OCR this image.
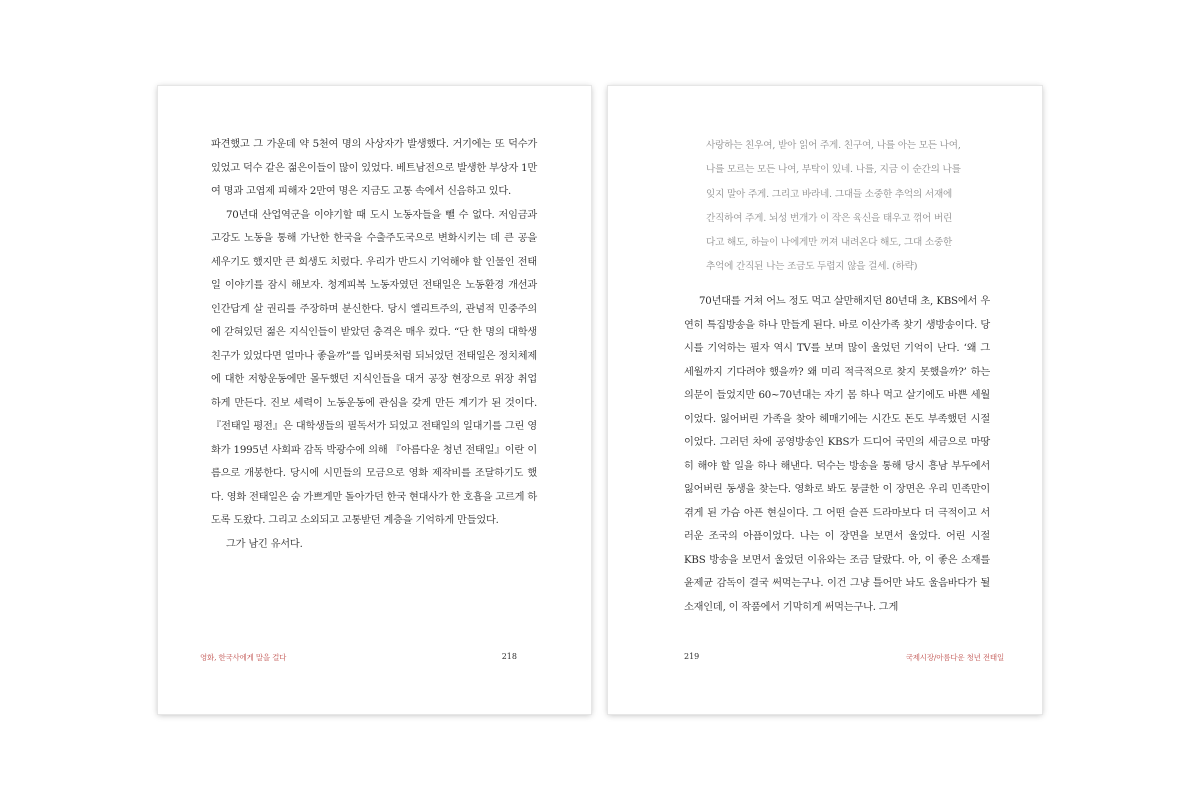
파견했고 그 가운데 약 5천여 명의 사상자가 발생했다. 거기에는 또 덕수가 있었고 덕수 같은 젊은이들이 많이 있었다. 베트남전으로 발생한 부상자 1만여 명과 고엽제 피해자 2만여 명은 지금도 고통 속에서 신음하고 있다.

70년대 산업역군을 이야기할 때 도시 노동자들을 뺄 수 없다. 저임금과 고강도 노동을 통해 가난한 한국을 수출주도국으로 변화시키는 데 큰 공을 세우기도 했지만 큰 희생도 치렀다. 우리가 반드시 기억해야 할 인물인 전태일 이야기를 잠시 해보자. 청계피복 노동자였던 전태일은 노동환경 개선과 인간답게 살 권리를 주장하며 분신한다. 당시 엘리트주의, 관념적 민중주의에 갇혀있던 젊은 지식인들이 받았던 충격은 매우 컸다. “단 한 명의 대학생 친구가 있었다면 얼마나 좋을까”를 입버릇처럼 되뇌었던 전태일은 정치체제에 대한 저항운동에만 몰두했던 지식인들을 대거 공장 현장으로 위장 취업하게 만든다. 진보 세력이 노동운동에 관심을 갖게 만든 계기가 된 것이다. 『전태일 평전』은 대학생들의 필독서가 되었고 전태일의 일대기를 그린 영화가 1995년 사회파 감독 박광수에 의해 『아름다운 청년 전태일』이란 이름으로 개봉한다. 당시에 시민들의 모금으로 영화 제작비를 조달하기도 했다. 영화 전태일은 숨 가쁘게만 돌아가던 한국 현대사가 한 호흡을 고르게 하도록 도왔다. 그리고 소외되고 고통받던 계층을 기억하게 만들었다.

그가 남긴 유서다.

영화, 한국사에게 말을 걸다	218

사랑하는 친우여, 받아 읽어 주게. 친구여, 나를 아는 모든 나여,

나를 모르는 모든 나여, 부탁이 있네. 나를, 지금 이 순간의 나를

잊지 말아 주게. 그리고 바라네. 그대들 소중한 추억의 서재에

간직하여 주게. 뇌성 번개가 이 작은 육신을 태우고 꺾어 버린

다고 해도, 하늘이 나에게만 꺼져 내려온다 해도, 그대 소중한

추억에 간직된 나는 조금도 두렵지 않을 걸세. (하략)

70년대를 거쳐 어느 정도 먹고 살만해지던 80년대 초, KBS에서 우연히 특집방송을 하나 만들게 된다. 바로 이산가족 찾기 생방송이다. 당시를 기억하는 필자 역시 TV를 보며 많이 울었던 기억이 난다. ‘왜 그 세월까지 기다려야 했을까? 왜 미리 적극적으로 찾지 못했을까?’ 하는 의문이 들었지만 60~70년대는 자기 몸 하나 먹고 살기에도 바쁜 세월이었다. 잃어버린 가족을 찾아 헤매기에는 시간도 돈도 부족했던 시절이었다. 그러던 차에 공영방송인 KBS가 드디어 국민의 세금으로 마땅히 해야 할 일을 하나 해낸다. 덕수는 방송을 통해 당시 흥남 부두에서 잃어버린 동생을 찾는다. 영화로 봐도 뭉클한 이 장면은 우리 민족만이 겪게 된 가슴 아픈 현실이다. 그 어떤 슬픈 드라마보다 더 극적이고 서러운 조국의 아픔이었다. 나는 이 장면을 보면서 울었다. 어린 시절 KBS 방송을 보면서 울었던 이유와는 조금 달랐다. 아, 이 좋은 소재를 윤제균 감독이 결국 써먹는구나. 이건 그냥 틀어만 놔도 울음바다가 될 소재인데, 이 작품에서 기막히게 써먹는구나. 그게

219	국제시장/아름다운 청년 전태일
